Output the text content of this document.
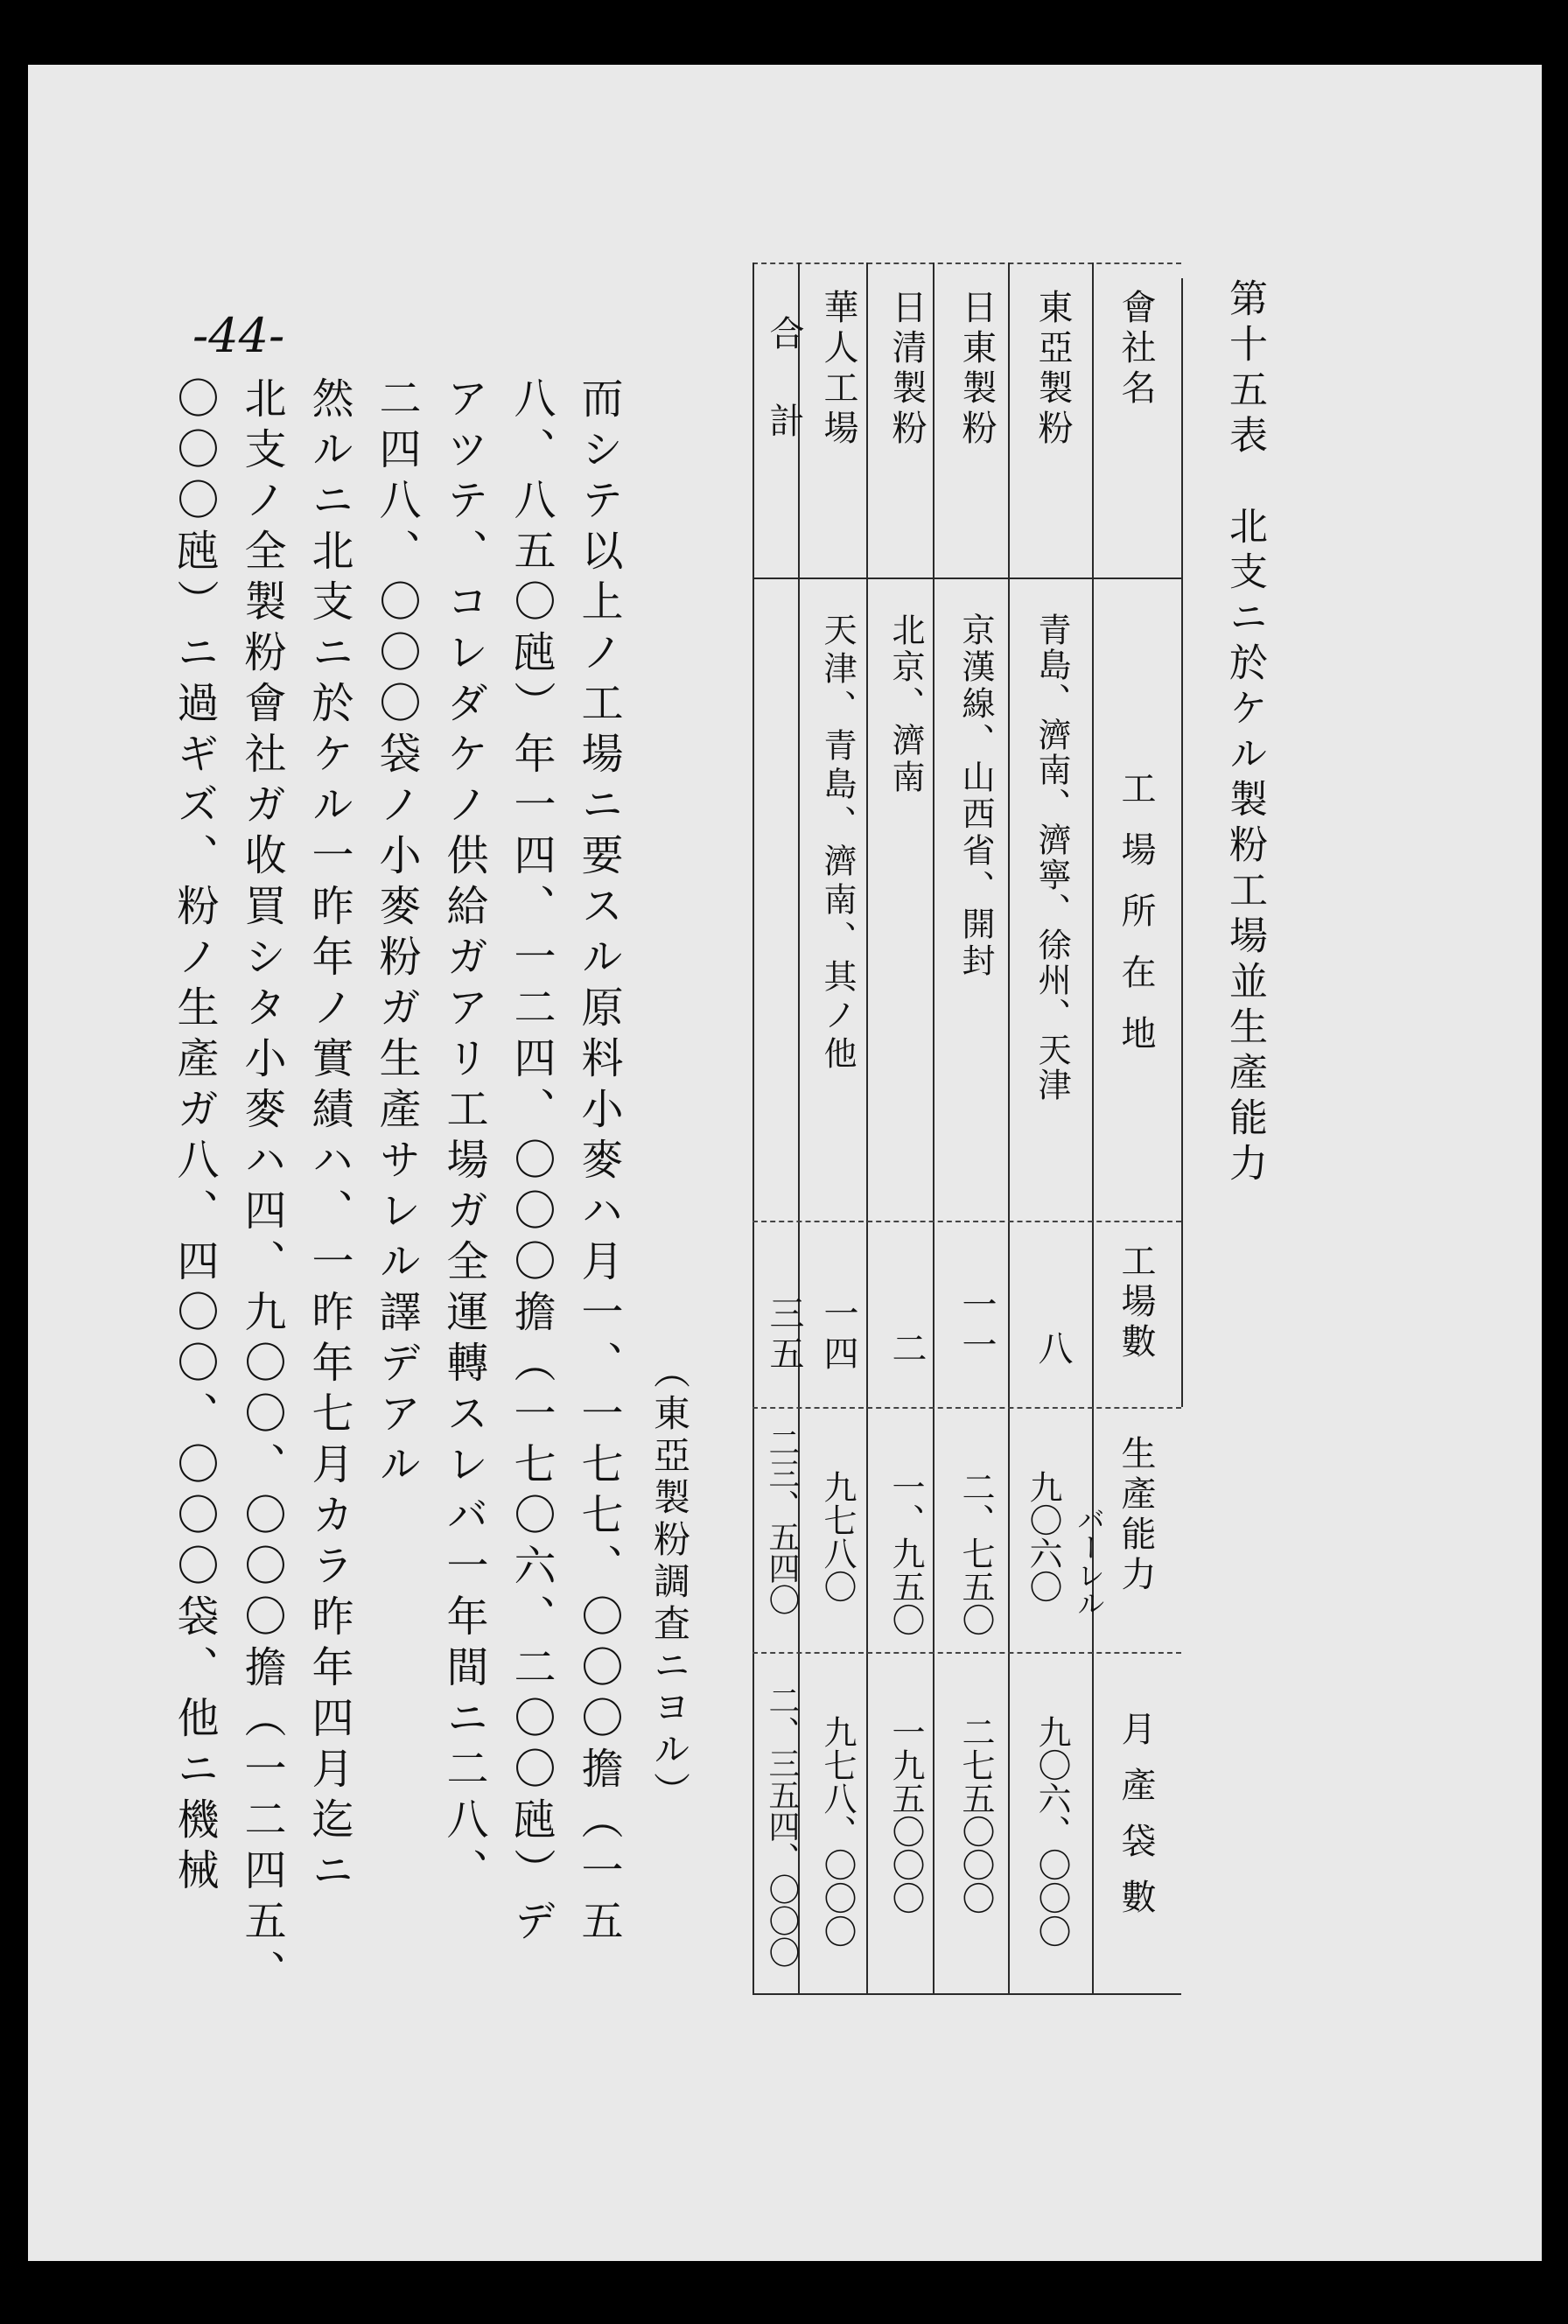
第十五表　北支ニ於ケル製粉工場並生產能力
會社名
工場所在地
工場數
生產能力
バーレル
月產袋數
東亞製粉
青島、濟南、濟寧、徐州、天津
八
九〇六〇
九〇六、〇〇〇
日東製粉
京漢線、山西省、開封
一一
二、七五〇
二七五〇〇〇
日清製粉
北京、濟南
二
一、九五〇
一九五〇〇〇
華人工場
天津、青島、濟南、其ノ他
一四
九七八〇
九七八、〇〇〇
合計
三五
二三、五四〇
二、三五四、〇〇〇
（東亞製粉調査ニヨル）
-44-
而シテ以上ノ工場ニ要スル原料小麥ハ月一、一七七、〇〇〇擔（一五
八、八五〇瓲）年一四、一二四、〇〇〇擔（一七〇六、二〇〇瓲）デ
アツテ、コレダケノ供給ガアリ工場ガ全運轉スレバ一年間ニ二八、
二四八、〇〇〇袋ノ小麥粉ガ生產サレル譯デアル
然ルニ北支ニ於ケル一昨年ノ實績ハ、一昨年七月カラ昨年四月迄ニ
北支ノ全製粉會社ガ收買シタ小麥ハ四、九〇〇、〇〇〇擔（一二四五、
〇〇〇瓲）ニ過ギズ、粉ノ生產ガ八、四〇〇、〇〇〇袋、他ニ機械
